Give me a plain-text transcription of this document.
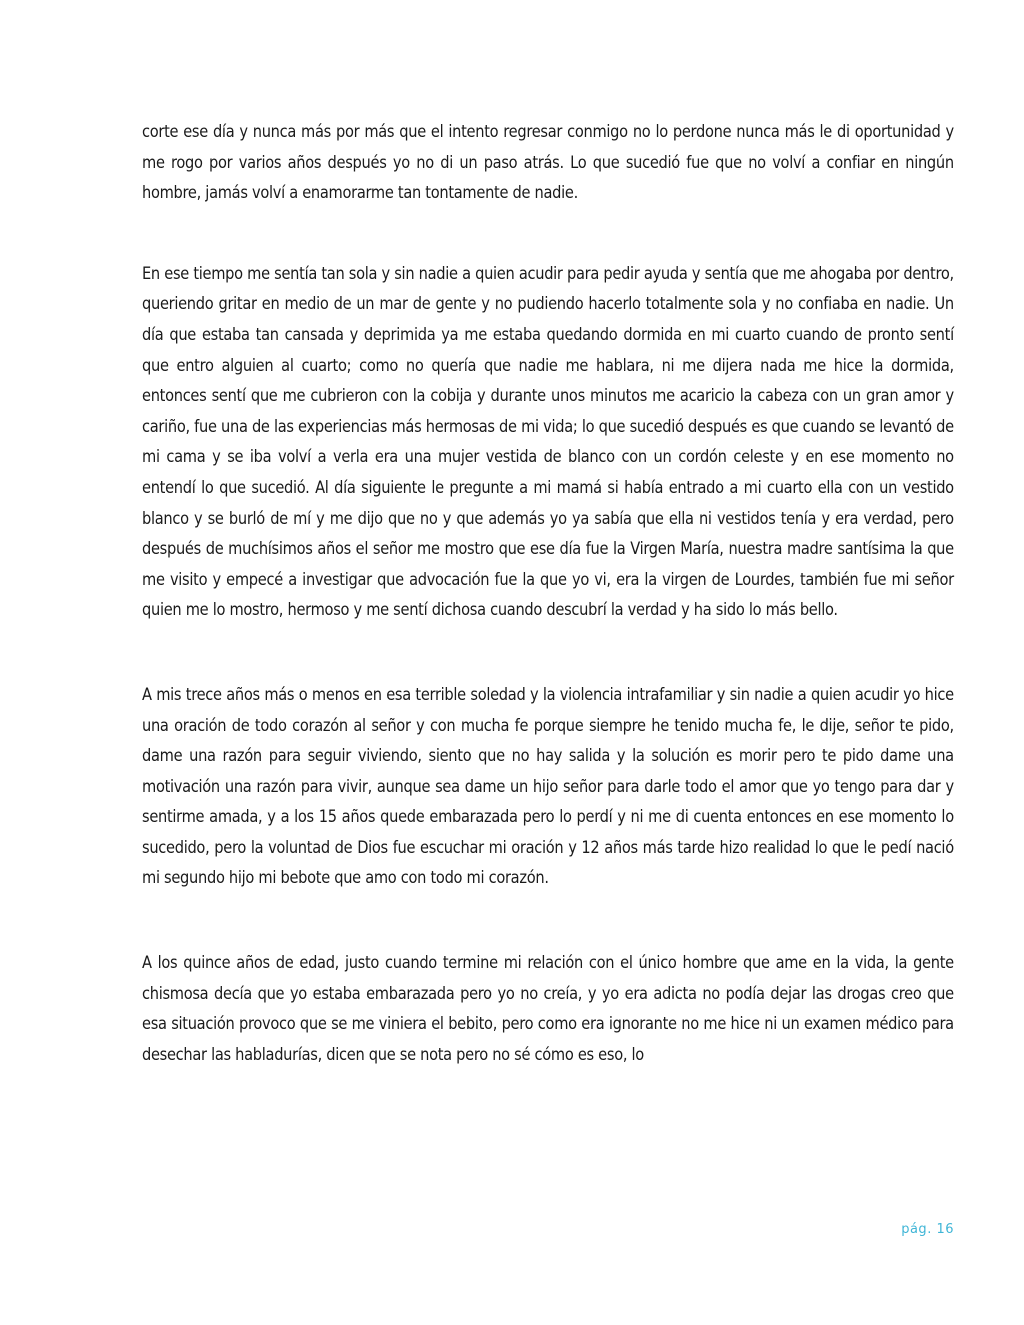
corte ese día y nunca más por más que el intento regresar conmigo no lo perdone nunca más le di oportunidad y me rogo por varios años después yo no di un paso atrás. Lo que sucedió fue que no volví a confiar en ningún hombre, jamás volví a enamorarme tan tontamente de nadie.

En ese tiempo me sentía tan sola y sin nadie a quien acudir para pedir ayuda y sentía que me ahogaba por dentro, queriendo gritar en medio de un mar de gente y no pudiendo hacerlo totalmente sola y no confiaba en nadie. Un día que estaba tan cansada y deprimida ya me estaba quedando dormida en mi cuarto cuando de pronto sentí que entro alguien al cuarto; como no quería que nadie me hablara, ni me dijera nada me hice la dormida, entonces sentí que me cubrieron con la cobija y durante unos minutos me acaricio la cabeza con un gran amor y cariño, fue una de las experiencias más hermosas de mi vida; lo que sucedió después es que cuando se levantó de mi cama y se iba volví a verla era una mujer vestida de blanco con un cordón celeste y en ese momento no entendí lo que sucedió. Al día siguiente le pregunte a mi mamá si había entrado a mi cuarto ella con un vestido blanco y se burló de mí y me dijo que no y que además yo ya sabía que ella ni vestidos tenía y era verdad, pero después de muchísimos años el señor me mostro que ese día fue la Virgen María, nuestra madre santísima la que me visito y empecé a investigar que advocación fue la que yo vi, era la virgen de Lourdes, también fue mi señor quien me lo mostro, hermoso y me sentí dichosa cuando descubrí la verdad y ha sido lo más bello.

A mis trece años más o menos en esa terrible soledad y la violencia intrafamiliar y sin nadie a quien acudir yo hice una oración de todo corazón al señor y con mucha fe porque siempre he tenido mucha fe, le dije, señor te pido, dame una razón para seguir viviendo, siento que no hay salida y la solución es morir pero te pido dame una motivación una razón para vivir, aunque sea dame un hijo señor para darle todo el amor que yo tengo para dar y sentirme amada, y a los 15 años quede embarazada pero lo perdí y ni me di cuenta entonces en ese momento lo sucedido, pero la voluntad de Dios fue escuchar mi oración y 12 años más tarde hizo realidad lo que le pedí nació mi segundo hijo mi bebote que amo con todo mi corazón.

A los quince años de edad, justo cuando termine mi relación con el único hombre que ame en la vida, la gente chismosa decía que yo estaba embarazada pero yo no creía, y yo era adicta no podía dejar las drogas creo que esa situación provoco que se me viniera el bebito, pero como era ignorante no me hice ni un examen médico para desechar las habladurías, dicen que se nota pero no sé cómo es eso, lo

pág. 16
